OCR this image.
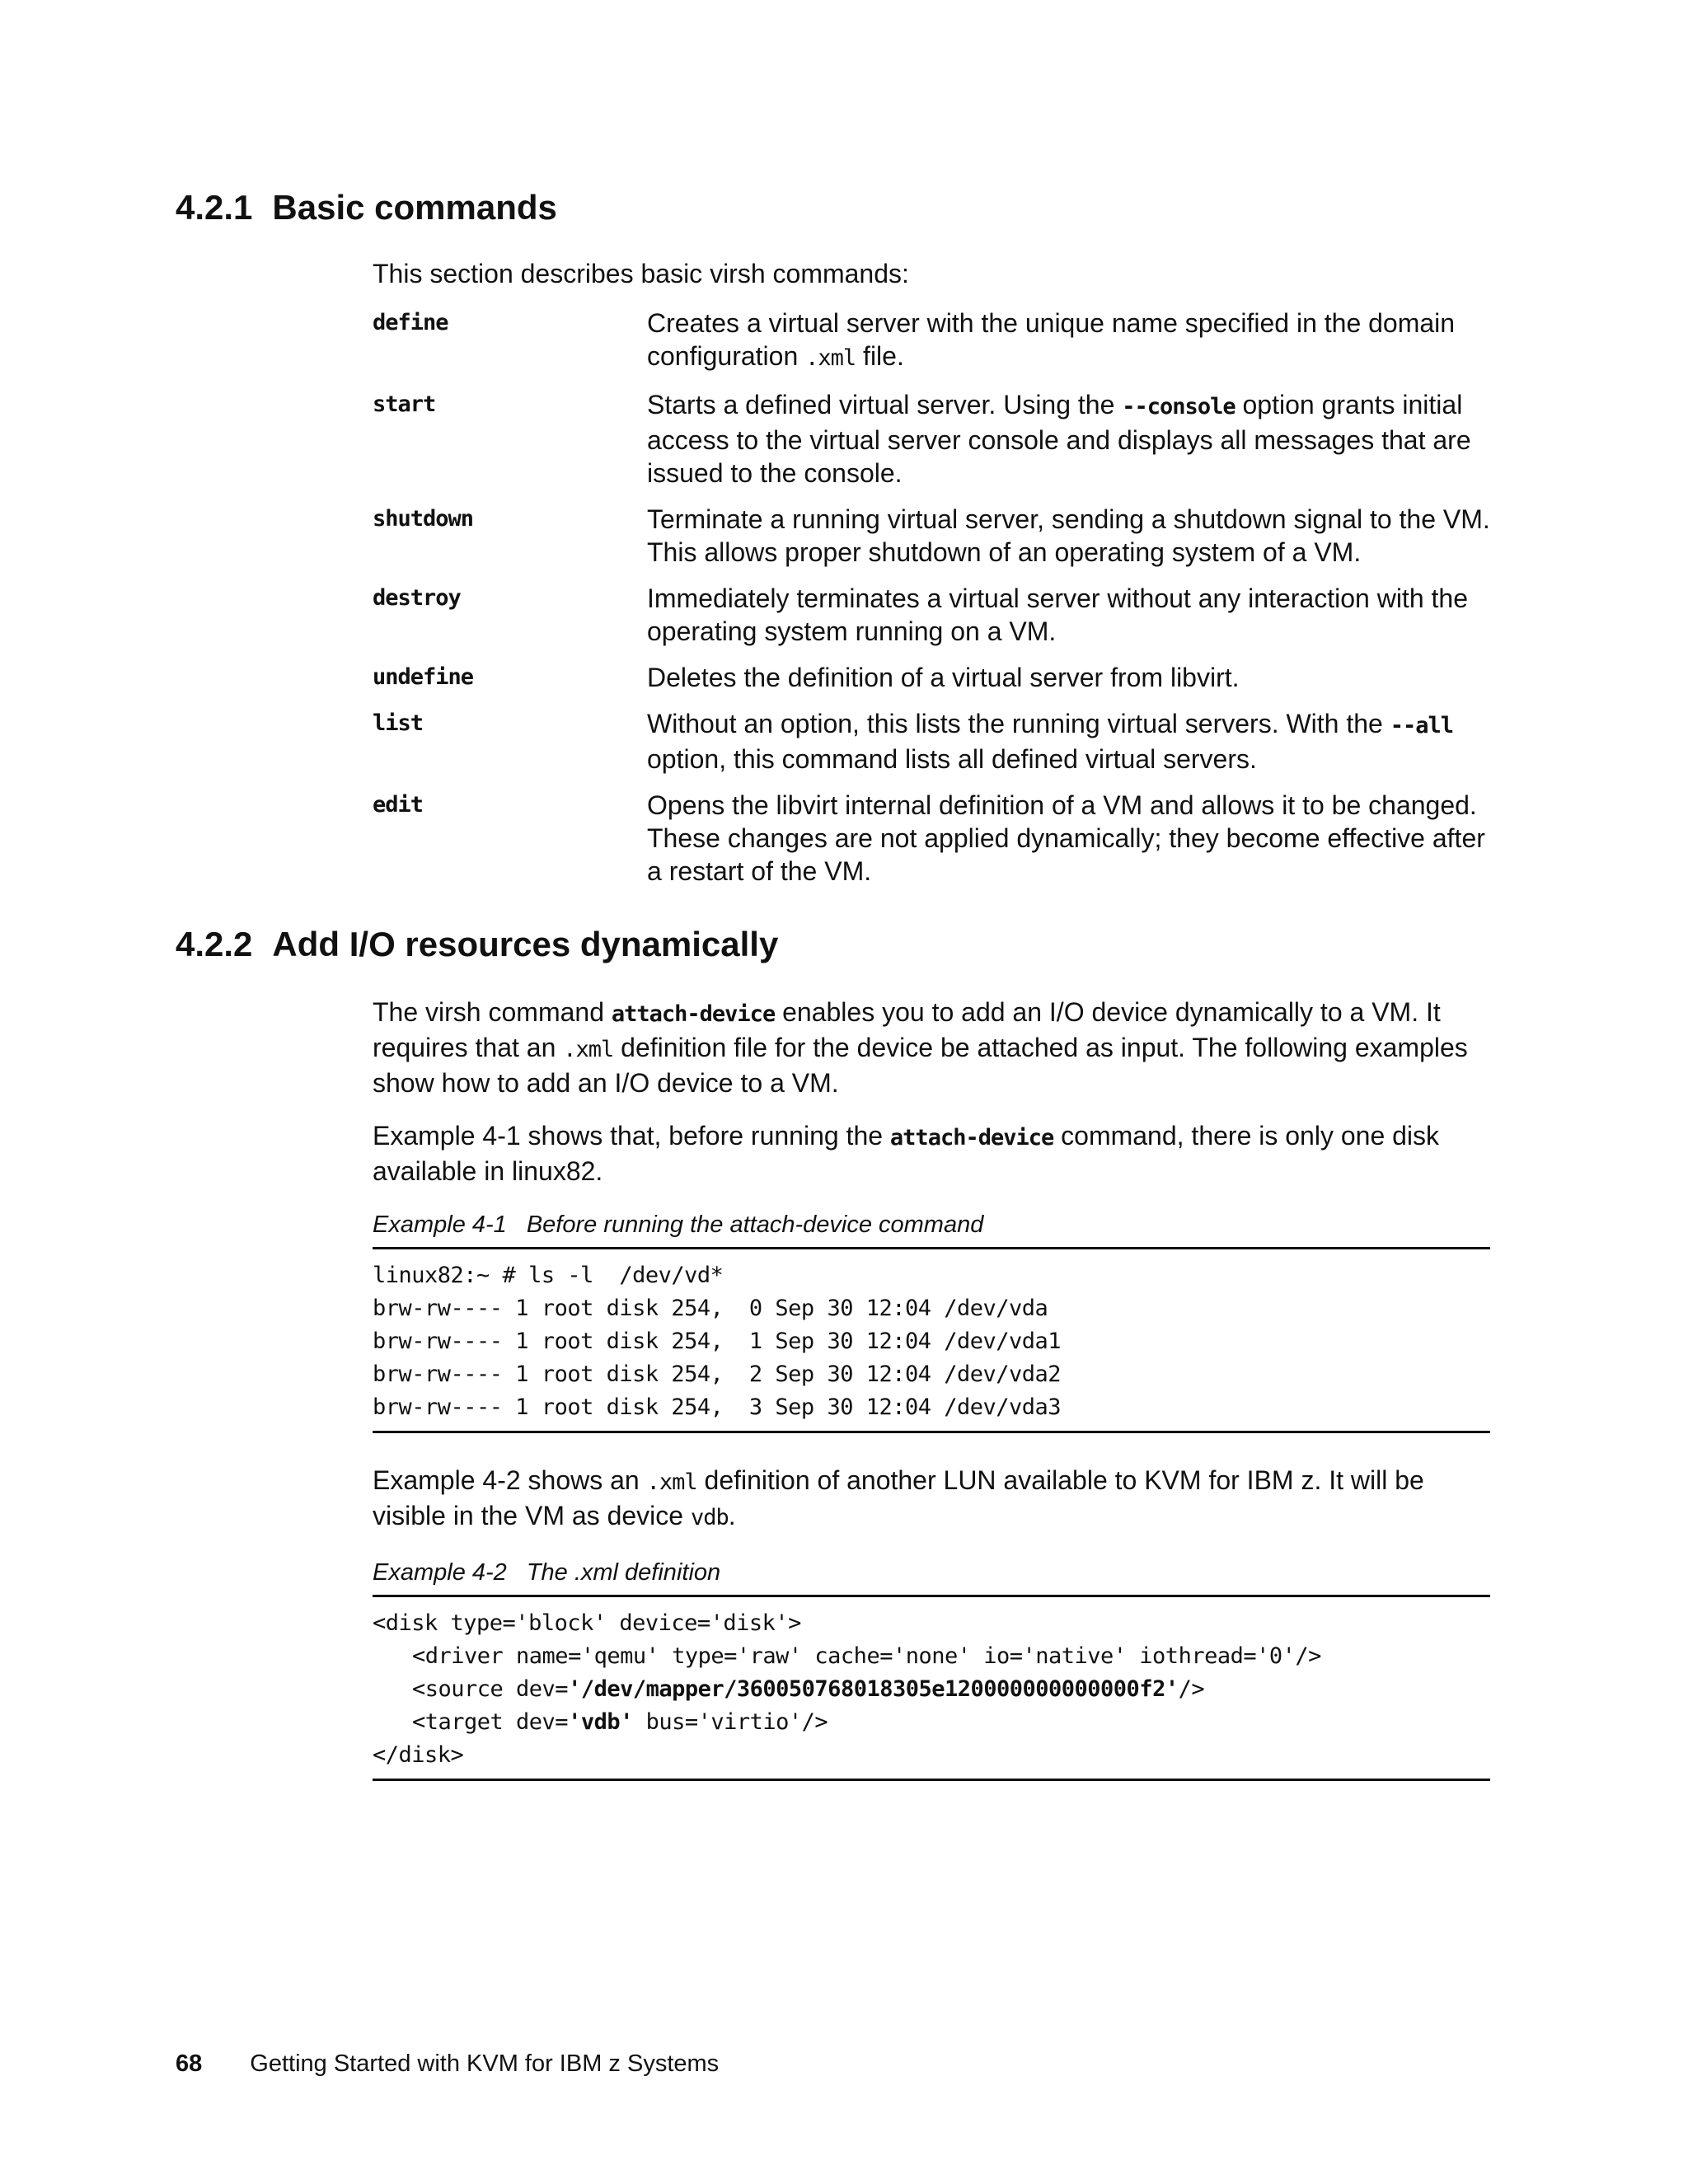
4.2.1 Basic commands

This section describes basic virsh commands:

define	Creates a virtual server with the unique name specified in the domain configuration .xml file.
start	Starts a defined virtual server. Using the --console option grants initial access to the virtual server console and displays all messages that are issued to the console.
shutdown	Terminate a running virtual server, sending a shutdown signal to the VM. This allows proper shutdown of an operating system of a VM.
destroy	Immediately terminates a virtual server without any interaction with the operating system running on a VM.
undefine	Deletes the definition of a virtual server from libvirt.
list	Without an option, this lists the running virtual servers. With the --all option, this command lists all defined virtual servers.
edit	Opens the libvirt internal definition of a VM and allows it to be changed. These changes are not applied dynamically; they become effective after a restart of the VM.
4.2.2 Add I/O resources dynamically

The virsh command attach-device enables you to add an I/O device dynamically to a VM. It requires that an .xml definition file for the device be attached as input. The following examples show how to add an I/O device to a VM.

Example 4-1 shows that, before running the attach-device command, there is only one disk available in linux82.

Example 4-1 Before running the attach-device command

linux82:~ # ls -l  /dev/vd*
brw-rw---- 1 root disk 254,  0 Sep 30 12:04 /dev/vda
brw-rw---- 1 root disk 254,  1 Sep 30 12:04 /dev/vda1
brw-rw---- 1 root disk 254,  2 Sep 30 12:04 /dev/vda2
brw-rw---- 1 root disk 254,  3 Sep 30 12:04 /dev/vda3

Example 4-2 shows an .xml definition of another LUN available to KVM for IBM z. It will be visible in the VM as device vdb.

Example 4-2 The .xml definition

<disk type='block' device='disk'>
<driver name='qemu' type='raw' cache='none' io='native' iothread='0'/>
<source dev='/dev/mapper/360050768018305e120000000000000f2'/>
<target dev='vdb' bus='virtio'/>
</disk>
68 Getting Started with KVM for IBM z Systems
